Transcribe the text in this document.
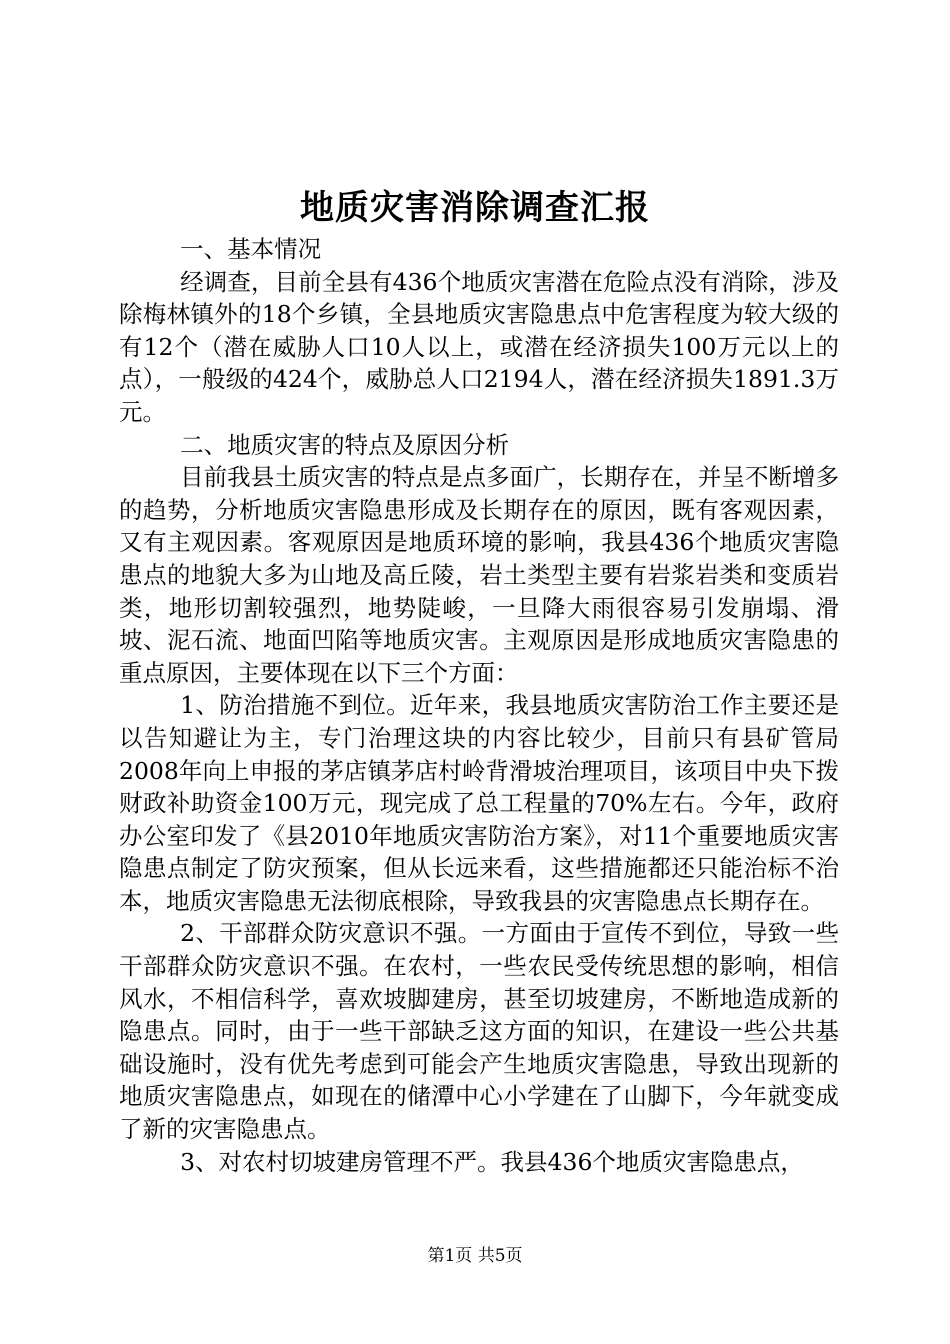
地质灾害消除调查汇报

一、基本情况

经调查，目前全县有436个地质灾害潜在危险点没有消除，涉及除梅林镇外的18个乡镇，全县地质灾害隐患点中危害程度为较大级的有12个（潜在威胁人口10人以上，或潜在经济损失100万元以上的点），一般级的424个，威胁总人口2194人，潜在经济损失1891.3万元。

二、地质灾害的特点及原因分析

目前我县土质灾害的特点是点多面广，长期存在，并呈不断增多的趋势，分析地质灾害隐患形成及长期存在的原因，既有客观因素，又有主观因素。客观原因是地质环境的影响，我县436个地质灾害隐患点的地貌大多为山地及高丘陵，岩土类型主要有岩浆岩类和变质岩类，地形切割较强烈，地势陡峻，一旦降大雨很容易引发崩塌、滑坡、泥石流、地面凹陷等地质灾害。主观原因是形成地质灾害隐患的重点原因，主要体现在以下三个方面：

1、防治措施不到位。近年来，我县地质灾害防治工作主要还是以告知避让为主，专门治理这块的内容比较少，目前只有县矿管局2008年向上申报的茅店镇茅店村岭背滑坡治理项目，该项目中央下拨财政补助资金100万元，现完成了总工程量的70%左右。今年，政府办公室印发了《县2010年地质灾害防治方案》，对11个重要地质灾害隐患点制定了防灾预案，但从长远来看，这些措施都还只能治标不治本，地质灾害隐患无法彻底根除，导致我县的灾害隐患点长期存在。

2、干部群众防灾意识不强。一方面由于宣传不到位，导致一些干部群众防灾意识不强。在农村，一些农民受传统思想的影响，相信风水，不相信科学，喜欢坡脚建房，甚至切坡建房，不断地造成新的隐患点。同时，由于一些干部缺乏这方面的知识，在建设一些公共基础设施时，没有优先考虑到可能会产生地质灾害隐患，导致出现新的地质灾害隐患点，如现在的储潭中心小学建在了山脚下，今年就变成了新的灾害隐患点。

3、对农村切坡建房管理不严。我县436个地质灾害隐患点，

第1页 共5页
